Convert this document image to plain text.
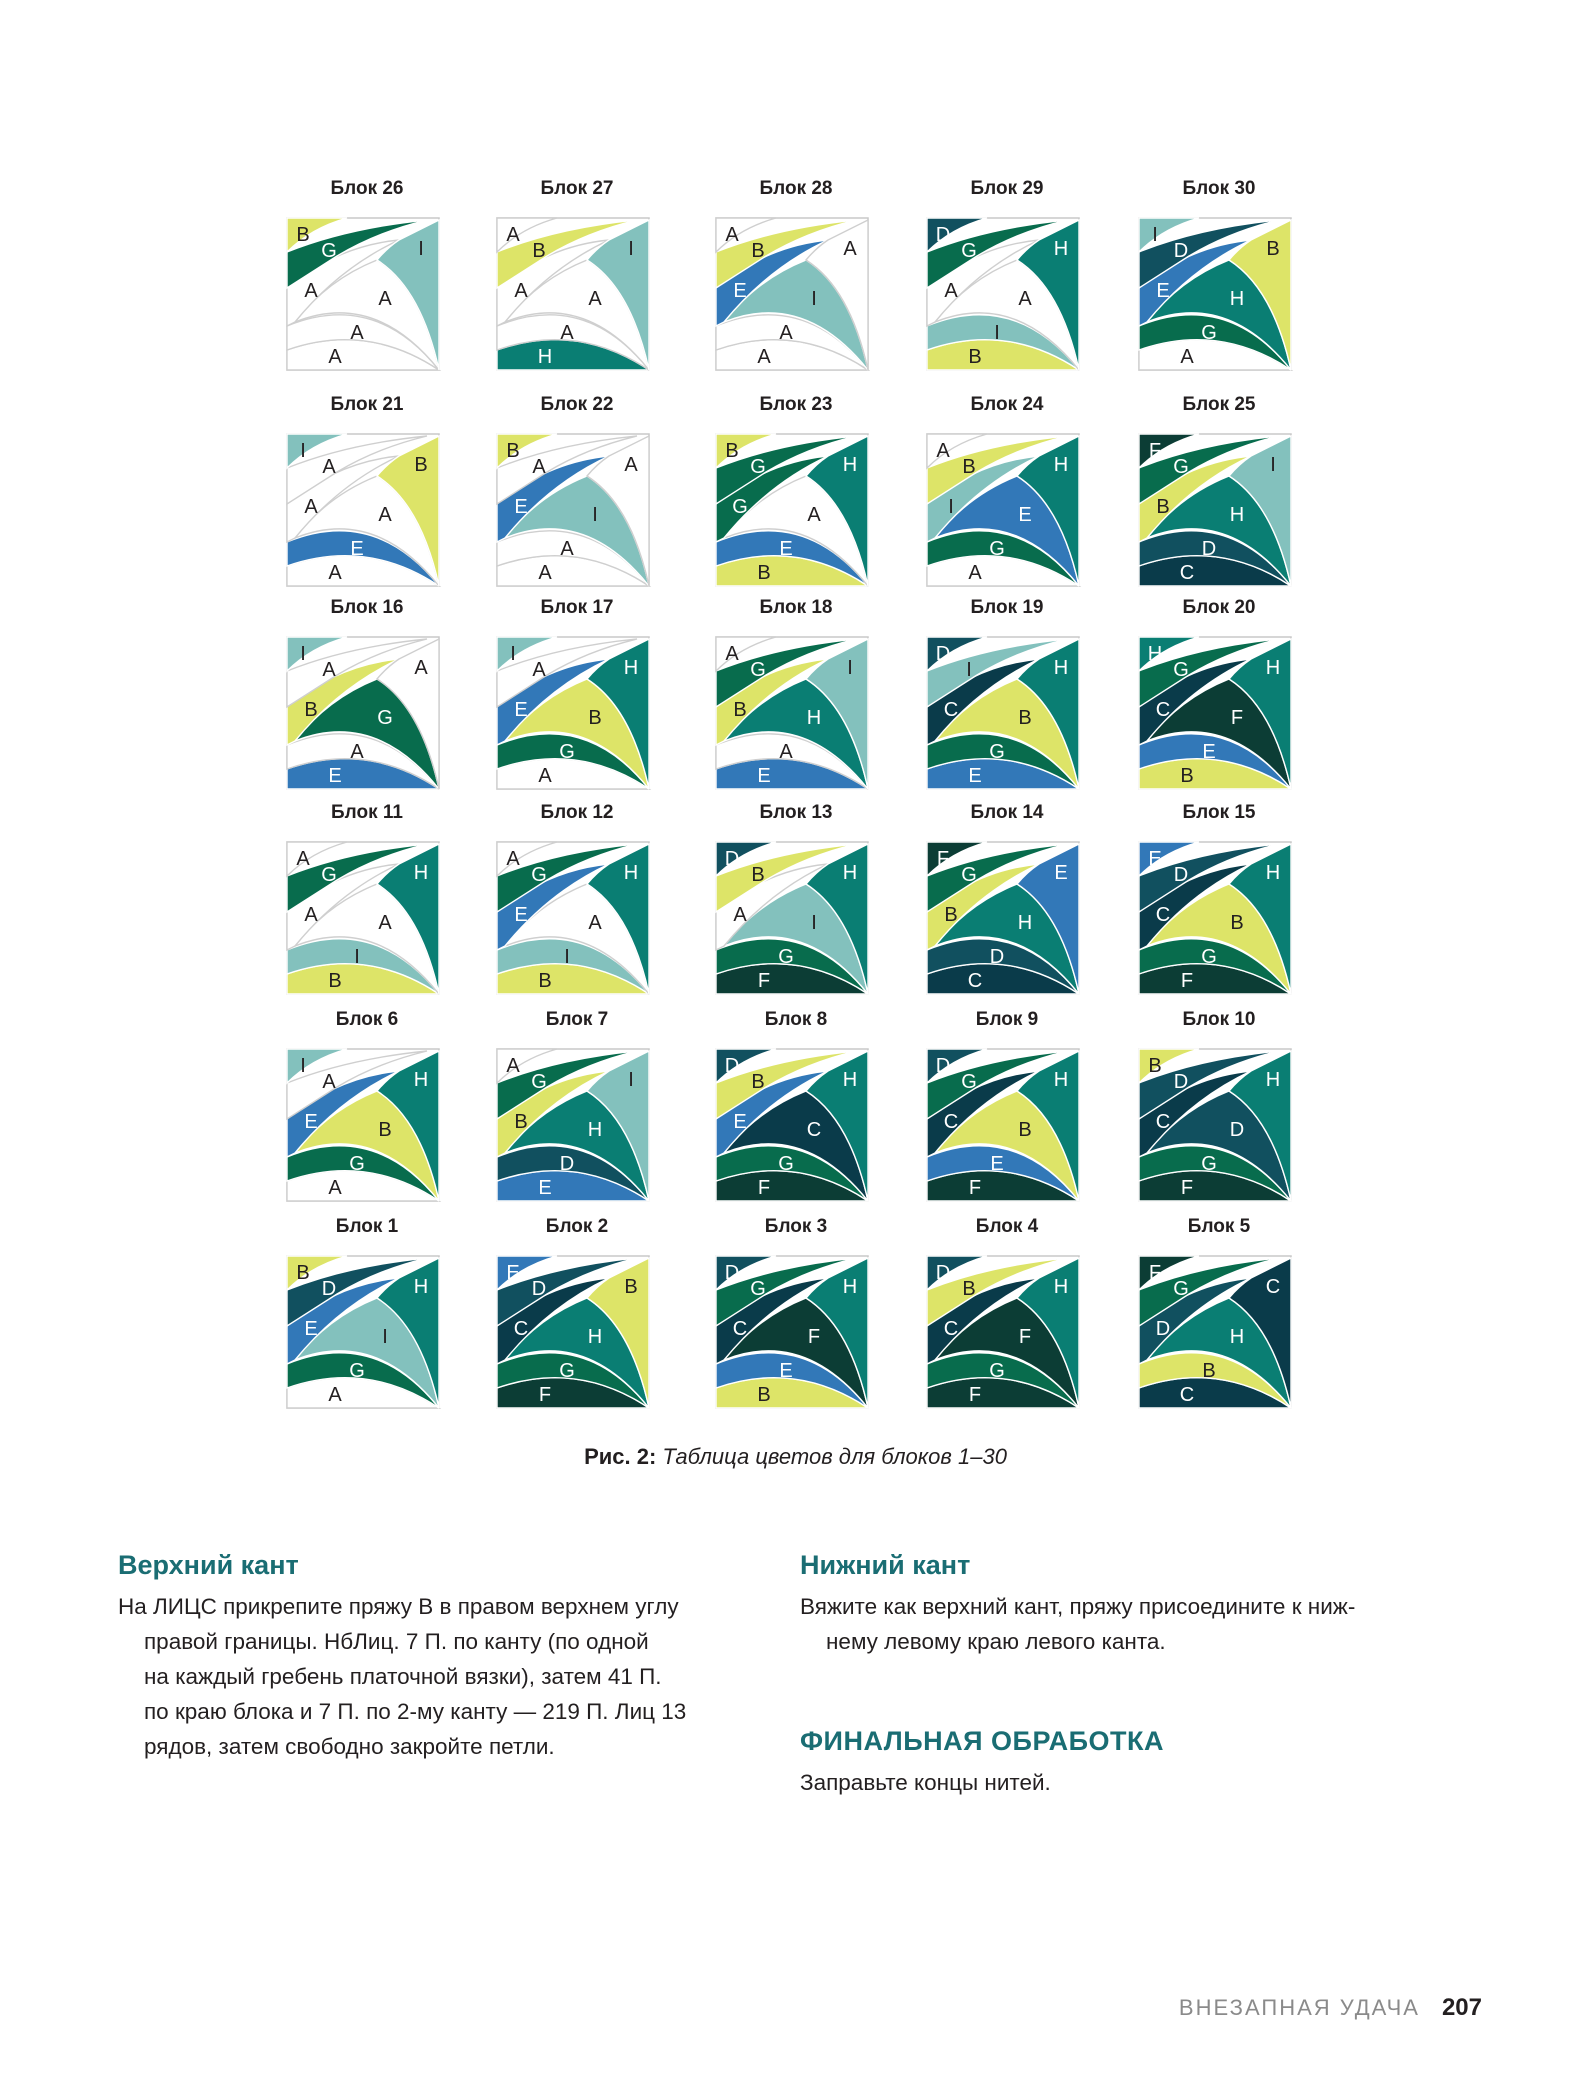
Блок 26
A
A
A
A
G
B
I
Блок 27
H
A
A
A
B
A
I
Блок 28
A
A
I
E
B
A
A
Блок 29
B
I
A
A
G
D
H
Блок 30
A
G
H
E
D
I
B
Блок 21
A
E
A
A
A
I
B
Блок 22
A
A
I
E
A
B
A
Блок 23
B
E
A
G
G
B
H
Блок 24
A
G
E
I
B
A
H
Блок 25
C
D
H
B
G
F
I
Блок 16
E
A
G
B
A
I
A
Блок 17
A
G
B
E
A
I
H
Блок 18
E
A
H
B
G
A
I
Блок 19
E
G
B
C
I
D
H
Блок 20
B
E
F
C
G
H
H
Блок 11
B
I
A
A
G
A
H
Блок 12
B
I
A
E
G
A
H
Блок 13
F
G
I
A
B
D
H
Блок 14
C
D
H
B
G
F
E
Блок 15
F
G
B
C
D
E
H
Блок 6
A
G
B
E
A
I
H
Блок 7
E
D
H
B
G
A
I
Блок 8
F
G
C
E
B
D
H
Блок 9
F
E
B
C
G
D
H
Блок 10
F
G
D
C
D
B
H
Блок 1
A
G
I
E
D
B
H
Блок 2
F
G
H
C
D
E
B
Блок 3
B
E
F
C
G
D
H
Блок 4
F
G
F
C
B
D
H
Блок 5
C
B
H
D
G
F
C
Рис. 2: Таблица цветов для блоков 1–30
Верхний кант
На ЛИЦС прикрепите пряжу B в правом верхнем углу
правой границы. НбЛиц. 7 П. по канту (по одной
на каждый гребень платочной вязки), затем 41 П.
по краю блока и 7 П. по 2-му канту — 219 П. Лиц 13
рядов, затем свободно закройте петли.
Нижний кант
Вяжите как верхний кант, пряжу присоедините к ниж-
нему левому краю левого канта.
ФИНАЛЬНАЯ ОБРАБОТКА
Заправьте концы нитей.
ВНЕЗАПНАЯ УДАЧА 207
